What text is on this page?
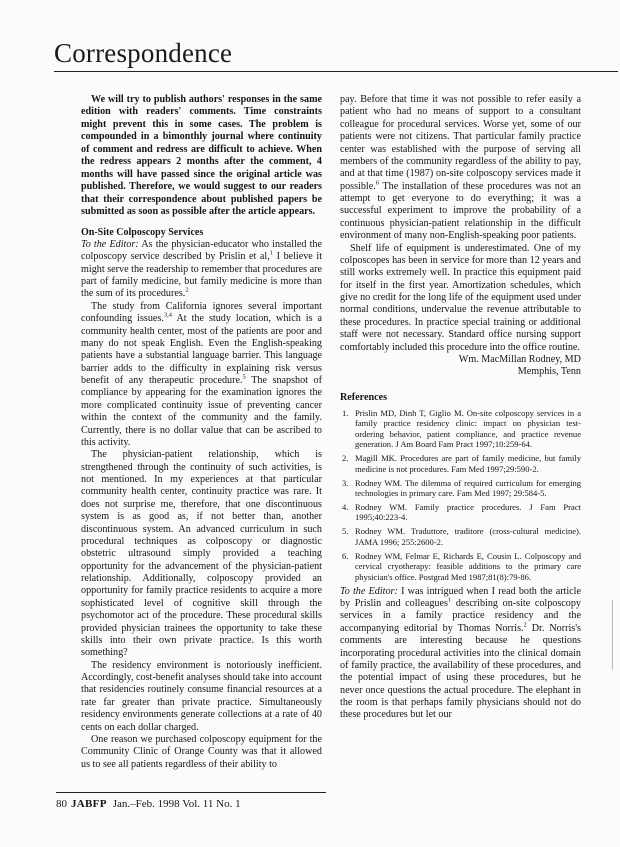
Correspondence

We will try to publish authors' responses in the same edition with readers' comments. Time constraints might prevent this in some cases. The problem is compounded in a bimonthly journal where continuity of comment and redress are difficult to achieve. When the redress appears 2 months after the comment, 4 months will have passed since the original article was published. Therefore, we would suggest to our readers that their correspondence about published papers be submitted as soon as possible after the article appears.

On-Site Colposcopy Services

To the Editor: As the physician-educator who installed the colposcopy service described by Prislin et al,$^1$ I believe it might serve the readership to remember that procedures are part of family medicine, but family medicine is more than the sum of its procedures.$^2$

The study from California ignores several important confounding issues.$^{3,4}$ At the study location, which is a community health center, most of the patients are poor and many do not speak English. Even the English-speaking patients have a substantial language barrier. This language barrier adds to the difficulty in explaining risk versus benefit of any therapeutic procedure.$^5$ The snapshot of compliance by appearing for the examination ignores the more complicated continuity issue of preventing cancer within the context of the community and the family. Currently, there is no dollar value that can be ascribed to this activity.

The physician-patient relationship, which is strengthened through the continuity of such activities, is not mentioned. In my experiences at that particular community health center, continuity practice was rare. It does not surprise me, therefore, that one discontinuous system is as good as, if not better than, another discontinuous system. An advanced curriculum in such procedural techniques as colposcopy or diagnostic obstetric ultrasound simply provided a teaching opportunity for the advancement of the physician-patient relationship. Additionally, colposcopy provided an opportunity for family practice residents to acquire a more sophisticated level of cognitive skill through the psychomotor act of the procedure. These procedural skills provided physician trainees the opportunity to take these skills into their own private practice. Is this worth something?

The residency environment is notoriously inefficient. Accordingly, cost-benefit analyses should take into account that residencies routinely consume financial resources at a rate far greater than private practice. Simultaneously residency environments generate collections at a rate of 40 cents on each dollar charged.

One reason we purchased colposcopy equipment for the Community Clinic of Orange County was that it allowed us to see all patients regardless of their ability to

pay. Before that time it was not possible to refer easily a patient who had no means of support to a consultant colleague for procedural services. Worse yet, some of our patients were not citizens. That particular family practice center was established with the purpose of serving all members of the community regardless of the ability to pay, and at that time (1987) on-site colposcopy services made it possible.$^6$ The installation of these procedures was not an attempt to get everyone to do everything; it was a successful experiment to improve the probability of a continuous physician-patient relationship in the difficult environment of many non-English-speaking poor patients.

Shelf life of equipment is underestimated. One of my colposcopes has been in service for more than 12 years and still works extremely well. In practice this equipment paid for itself in the first year. Amortization schedules, which give no credit for the long life of the equipment used under normal conditions, undervalue the revenue attributable to these procedures. In practice special training or additional staff were not necessary. Standard office nursing support comfortably included this procedure into the office routine.

Wm. MacMillan Rodney, MD

Memphis, Tenn

References
1. Prislin MD, Dinh T, Giglio M. On-site colposcopy services in a family practice residency clinic: impact on physician test-ordering behavior, patient compliance, and practice revenue generation. J Am Board Fam Pract 1997;10:259-64.
2. Magill MK. Procedures are part of family medicine, but family medicine is not procedures. Fam Med 1997;29:590-2.
3. Rodney WM. The dilemma of required curriculum for emerging technologies in primary care. Fam Med 1997; 29:584-5.
4. Rodney WM. Family practice procedures. J Fam Pract 1995;40:223-4.
5. Rodney WM. Traduttore, traditore (cross-cultural medicine). JAMA 1996; 255:2600-2.
6. Rodney WM, Felmar E, Richards E, Cousin L. Colposcopy and cervical cryotherapy: feasible additions to the primary care physician's office. Postgrad Med 1987;81(8):79-86.

To the Editor: I was intrigued when I read both the article by Prislin and colleagues$^1$ describing on-site colposcopy services in a family practice residency and the accompanying editorial by Thomas Norris.$^2$ Dr. Norris's comments are interesting because he questions incorporating procedural activities into the clinical domain of family practice, the availability of these procedures, and the potential impact of using these procedures, but he never once questions the actual procedure. The elephant in the room is that perhaps family physicians should not do these procedures but let our

80 JABFP Jan.–Feb. 1998 Vol. 11 No. 1
